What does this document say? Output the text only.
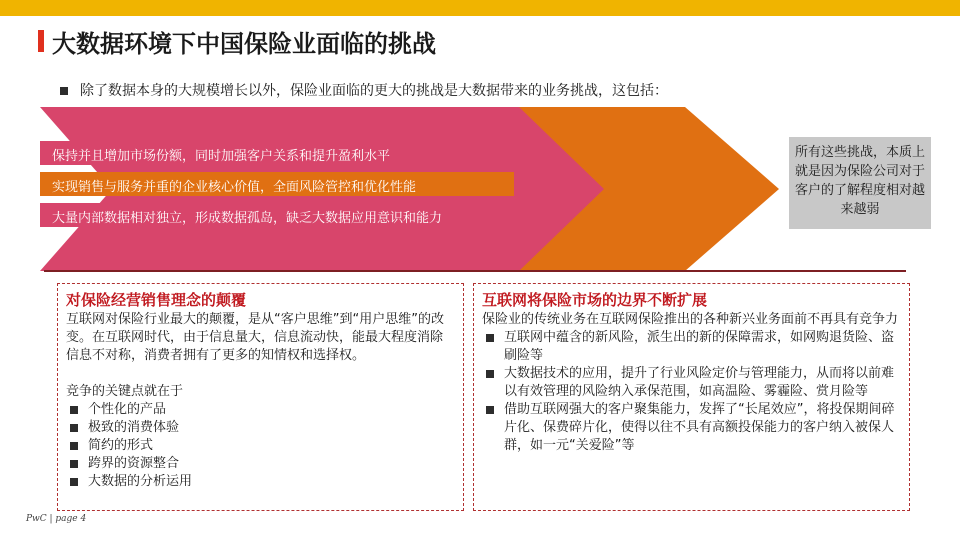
大数据环境下中国保险业面临的挑战
除了数据本身的大规模增长以外，保险业面临的更大的挑战是大数据带来的业务挑战，这包括：
保持并且增加市场份额，同时加强客户关系和提升盈利水平
实现销售与服务并重的企业核心价值，全面风险管控和优化性能
大量内部数据相对独立，形成数据孤岛，缺乏大数据应用意识和能力
所有这些挑战，本质上就是因为保险公司对于客户的了解程度相对越来越弱
对保险经营销售理念的颠覆

互联网对保险行业最大的颠覆，是从“客户思维”到“用户思维”的改变。在互联网时代，由于信息量大，信息流动快，能最大程度消除信息不对称，消费者拥有了更多的知情权和选择权。

竞争的关键点就在于

个性化的产品
极致的消费体验
简约的形式
跨界的资源整合
大数据的分析运用
互联网将保险市场的边界不断扩展

保险业的传统业务在互联网保险推出的各种新兴业务面前不再具有竞争力

互联网中蕴含的新风险，派生出的新的保障需求，如网购退货险、盗刷险等
大数据技术的应用，提升了行业风险定价与管理能力，从而将以前难以有效管理的风险纳入承保范围，如高温险、雾霾险、赏月险等
借助互联网强大的客户聚集能力，发挥了“长尾效应”，将投保期间碎片化、保费碎片化，使得以往不具有高额投保能力的客户纳入被保人群，如一元“关爱险”等
PwC | page 4
